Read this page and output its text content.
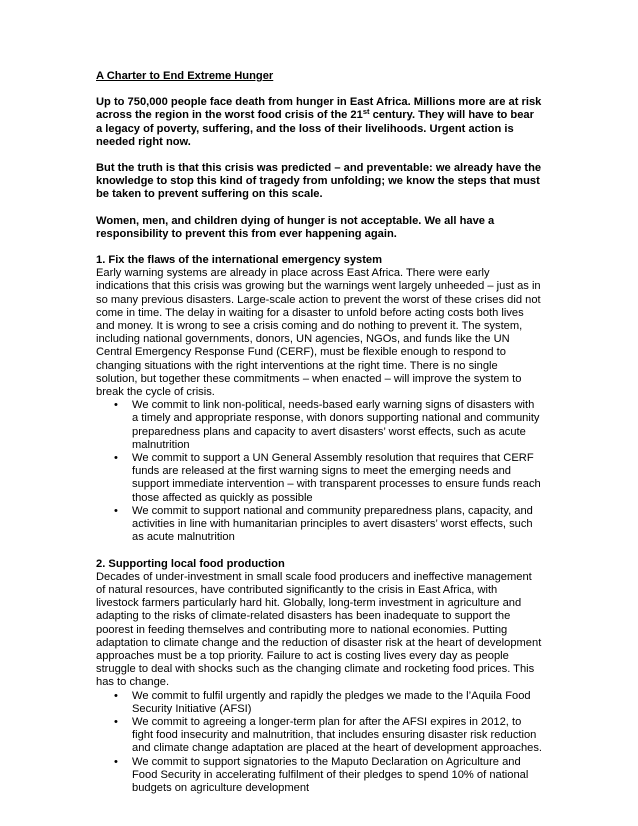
A Charter to End Extreme Hunger

Up to 750,000 people face death from hunger in East Africa. Millions more are at risk across the region in the worst food crisis of the 21st century. They will have to bear a legacy of poverty, suffering, and the loss of their livelihoods. Urgent action is needed right now.

But the truth is that this crisis was predicted – and preventable: we already have the knowledge to stop this kind of tragedy from unfolding; we know the steps that must be taken to prevent suffering on this scale.

Women, men, and children dying of hunger is not acceptable. We all have a responsibility to prevent this from ever happening again.

1. Fix the flaws of the international emergency system

Early warning systems are already in place across East Africa. There were early indications that this crisis was growing but the warnings went largely unheeded – just as in so many previous disasters. Large-scale action to prevent the worst of these crises did not come in time. The delay in waiting for a disaster to unfold before acting costs both lives and money. It is wrong to see a crisis coming and do nothing to prevent it. The system, including national governments, donors, UN agencies, NGOs, and funds like the UN Central Emergency Response Fund (CERF), must be flexible enough to respond to changing situations with the right interventions at the right time. There is no single solution, but together these commitments – when enacted – will improve the system to break the cycle of crisis.

• We commit to link non-political, needs-based early warning signs of disasters with a timely and appropriate response, with donors supporting national and community preparedness plans and capacity to avert disasters’ worst effects, such as acute malnutrition
• We commit to support a UN General Assembly resolution that requires that CERF funds are released at the first warning signs to meet the emerging needs and support immediate intervention – with transparent processes to ensure funds reach those affected as quickly as possible
• We commit to support national and community preparedness plans, capacity, and activities in line with humanitarian principles to avert disasters’ worst effects, such as acute malnutrition

2. Supporting local food production

Decades of under-investment in small scale food producers and ineffective management of natural resources, have contributed significantly to the crisis in East Africa, with livestock farmers particularly hard hit. Globally, long-term investment in agriculture and adapting to the risks of climate-related disasters has been inadequate to support the poorest in feeding themselves and contributing more to national economies. Putting adaptation to climate change and the reduction of disaster risk at the heart of development approaches must be a top priority. Failure to act is costing lives every day as people struggle to deal with shocks such as the changing climate and rocketing food prices. This has to change.

• We commit to fulfil urgently and rapidly the pledges we made to the l’Aquila Food Security Initiative (AFSI)
• We commit to agreeing a longer-term plan for after the AFSI expires in 2012, to fight food insecurity and malnutrition, that includes ensuring disaster risk reduction and climate change adaptation are placed at the heart of development approaches.
• We commit to support signatories to the Maputo Declaration on Agriculture and Food Security in accelerating fulfilment of their pledges to spend 10% of national budgets on agriculture development
